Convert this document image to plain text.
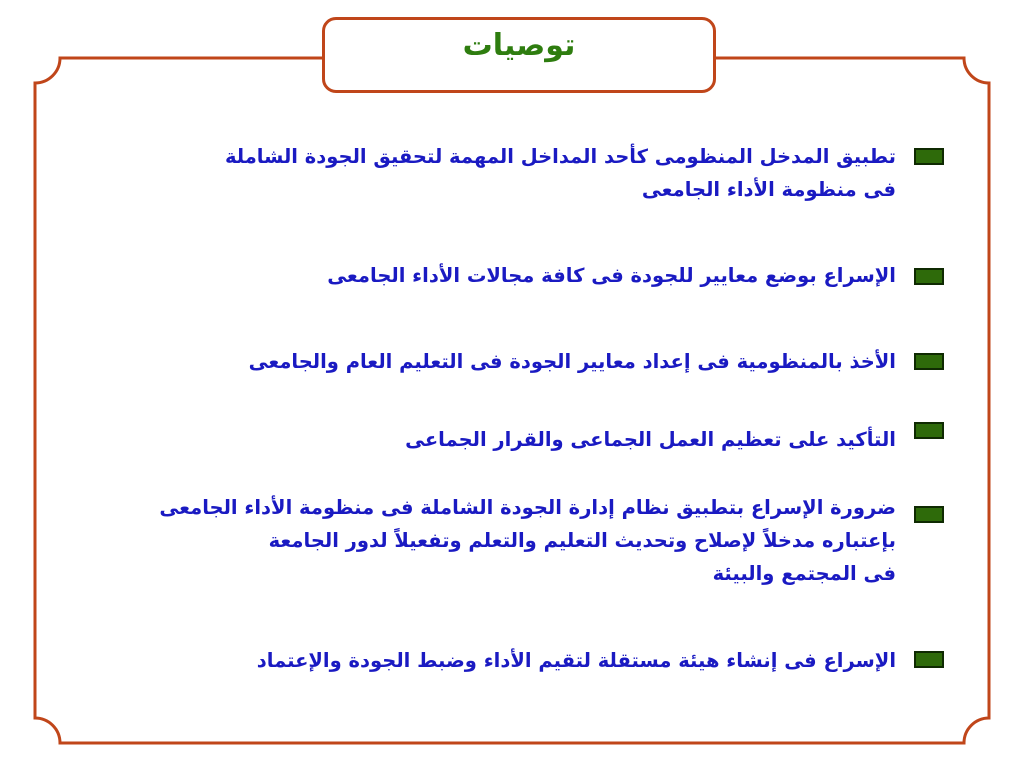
توصيات
تطبيق المدخل المنظومى كأحد المداخل المهمة لتحقيق الجودة الشاملة
فى منظومة الأداء الجامعى
الإسراع بوضع معايير للجودة فى كافة مجالات الأداء الجامعى
الأخذ بالمنظومية فى إعداد معايير الجودة فى التعليم العام والجامعى
التأكيد على تعظيم العمل الجماعى والقرار الجماعى
ضرورة الإسراع بتطبيق نظام إدارة الجودة الشاملة فى منظومة الأداء الجامعى
بإعتباره مدخلاً لإصلاح وتحديث التعليم والتعلم وتفعيلاً لدور الجامعة
فى المجتمع والبيئة
الإسراع فى إنشاء هيئة مستقلة لتقيم الأداء وضبط الجودة والإعتماد
